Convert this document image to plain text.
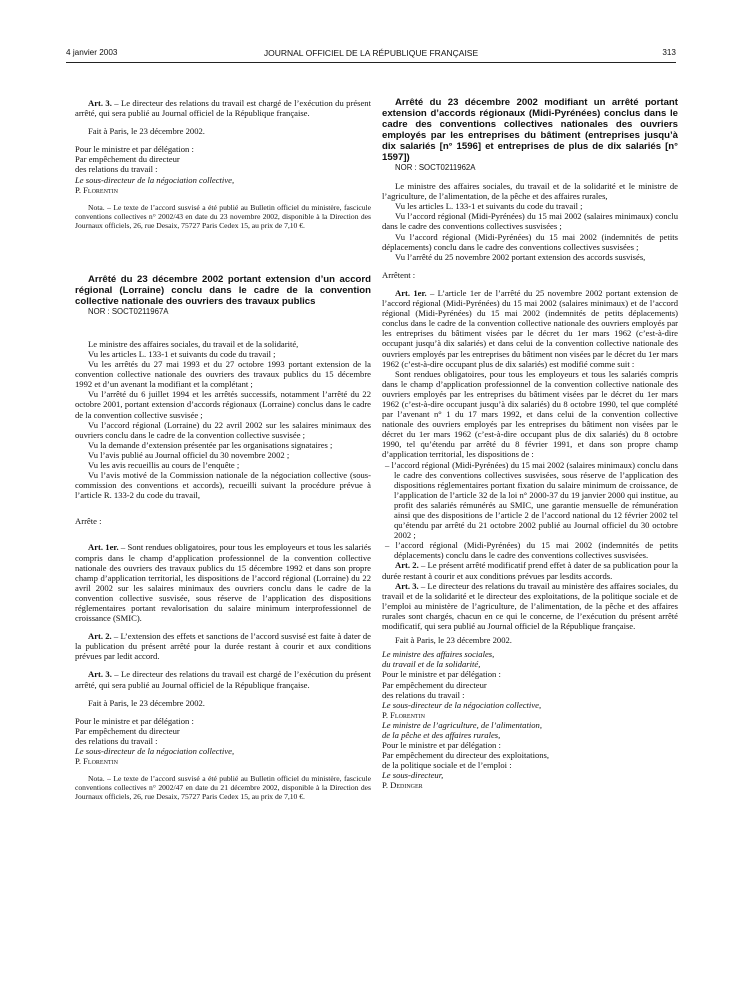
4 janvier 2003	JOURNAL OFFICIEL DE LA RÉPUBLIQUE FRANÇAISE	313

Art. 3. – Le directeur des relations du travail est chargé de l’exécution du présent arrêté, qui sera publié au Journal officiel de la République française.

Fait à Paris, le 23 décembre 2002.

Pour le ministre et par délégation :

Par empêchement du directeur

des relations du travail :

Le sous-directeur de la négociation collective,

P. Florentin

Nota. – Le texte de l’accord susvisé a été publié au Bulletin officiel du ministère, fascicule conventions collectives n° 2002/43 en date du 23 novembre 2002, disponible à la Direction des Journaux officiels, 26, rue Desaix, 75727 Paris Cedex 15, au prix de 7,10 €.

Arrêté du 23 décembre 2002 portant extension d’un accord régional (Lorraine) conclu dans le cadre de la convention collective nationale des ouvriers des travaux publics

NOR : SOCT0211967A

Le ministre des affaires sociales, du travail et de la solidarité,

Vu les articles L. 133-1 et suivants du code du travail ;

Vu les arrêtés du 27 mai 1993 et du 27 octobre 1993 portant extension de la convention collective nationale des ouvriers des travaux publics du 15 décembre 1992 et d’un avenant la modifiant et la complétant ;

Vu l’arrêté du 6 juillet 1994 et les arrêtés successifs, notamment l’arrêté du 22 octobre 2001, portant extension d’accords régionaux (Lorraine) conclus dans le cadre de la convention collective susvisée ;

Vu l’accord régional (Lorraine) du 22 avril 2002 sur les salaires minimaux des ouvriers conclu dans le cadre de la convention collective susvisée ;

Vu la demande d’extension présentée par les organisations signataires ;

Vu l’avis publié au Journal officiel du 30 novembre 2002 ;

Vu les avis recueillis au cours de l’enquête ;

Vu l’avis motivé de la Commission nationale de la négociation collective (sous-commission des conventions et accords), recueilli suivant la procédure prévue à l’article R. 133-2 du code du travail,

Arrête :

Art. 1er. – Sont rendues obligatoires, pour tous les employeurs et tous les salariés compris dans le champ d’application professionnel de la convention collective nationale des ouvriers des travaux publics du 15 décembre 1992 et dans son propre champ d’application territorial, les dispositions de l’accord régional (Lorraine) du 22 avril 2002 sur les salaires minimaux des ouvriers conclu dans le cadre de la convention collective susvisée, sous réserve de l’application des dispositions réglementaires portant revalorisation du salaire minimum interprofessionnel de croissance (SMIC).

Art. 2. – L’extension des effets et sanctions de l’accord susvisé est faite à dater de la publication du présent arrêté pour la durée restant à courir et aux conditions prévues par ledit accord.

Art. 3. – Le directeur des relations du travail est chargé de l’exécution du présent arrêté, qui sera publié au Journal officiel de la République française.

Fait à Paris, le 23 décembre 2002.

Pour le ministre et par délégation :

Par empêchement du directeur

des relations du travail :

Le sous-directeur de la négociation collective,

P. Florentin

Nota. – Le texte de l’accord susvisé a été publié au Bulletin officiel du ministère, fascicule conventions collectives n° 2002/47 en date du 21 décembre 2002, disponible à la Direction des Journaux officiels, 26, rue Desaix, 75727 Paris Cedex 15, au prix de 7,10 €.

Arrêté du 23 décembre 2002 modifiant un arrêté portant extension d’accords régionaux (Midi-Pyrénées) conclus dans le cadre des conventions collectives nationales des ouvriers employés par les entreprises du bâtiment (entreprises jusqu’à dix salariés [n° 1596] et entreprises de plus de dix salariés [n° 1597])

NOR : SOCT0211962A

Le ministre des affaires sociales, du travail et de la solidarité et le ministre de l’agriculture, de l’alimentation, de la pêche et des affaires rurales,

Vu les articles L. 133-1 et suivants du code du travail ;

Vu l’accord régional (Midi-Pyrénées) du 15 mai 2002 (salaires minimaux) conclu dans le cadre des conventions collectives susvisées ;

Vu l’accord régional (Midi-Pyrénées) du 15 mai 2002 (indemnités de petits déplacements) conclu dans le cadre des conventions collectives susvisées ;

Vu l’arrêté du 25 novembre 2002 portant extension des accords susvisés,

Arrêtent :

Art. 1er. – L’article 1er de l’arrêté du 25 novembre 2002 portant extension de l’accord régional (Midi-Pyrénées) du 15 mai 2002 (salaires minimaux) et de l’accord régional (Midi-Pyrénées) du 15 mai 2002 (indemnités de petits déplacements) conclus dans le cadre de la convention collective nationale des ouvriers employés par les entreprises du bâtiment visées par le décret du 1er mars 1962 (c’est-à-dire occupant jusqu’à dix salariés) et dans celui de la convention collective nationale des ouvriers employés par les entreprises du bâtiment non visées par le décret du 1er mars 1962 (c’est-à-dire occupant plus de dix salariés) est modifié comme suit :

Sont rendues obligatoires, pour tous les employeurs et tous les salariés compris dans le champ d’application professionnel de la convention collective nationale des ouvriers employés par les entreprises du bâtiment visées par le décret du 1er mars 1962 (c’est-à-dire occupant jusqu’à dix salariés) du 8 octobre 1990, tel que complété par l’avenant n° 1 du 17 mars 1992, et dans celui de la convention collective nationale des ouvriers employés par les entreprises du bâtiment non visées par le décret du 1er mars 1962 (c’est-à-dire occupant plus de dix salariés) du 8 octobre 1990, tel qu’étendu par arrêté du 8 février 1991, et dans son propre champ d’application territorial, les dispositions de :

– l’accord régional (Midi-Pyrénées) du 15 mai 2002 (salaires minimaux) conclu dans le cadre des conventions collectives susvisées, sous réserve de l’application des dispositions réglementaires portant fixation du salaire minimum de croissance, de l’application de l’article 32 de la loi n° 2000-37 du 19 janvier 2000 qui institue, au profit des salariés rémunérés au SMIC, une garantie mensuelle de rémunération ainsi que des dispositions de l’article 2 de l’accord national du 12 février 2002 tel qu’étendu par arrêté du 21 octobre 2002 publié au Journal officiel du 30 octobre 2002 ;

– l’accord régional (Midi-Pyrénées) du 15 mai 2002 (indemnités de petits déplacements) conclu dans le cadre des conventions collectives susvisées.

Art. 2. – Le présent arrêté modificatif prend effet à dater de sa publication pour la durée restant à courir et aux conditions prévues par lesdits accords.

Art. 3. – Le directeur des relations du travail au ministère des affaires sociales, du travail et de la solidarité et le directeur des exploitations, de la politique sociale et de l’emploi au ministère de l’agriculture, de l’alimentation, de la pêche et des affaires rurales sont chargés, chacun en ce qui le concerne, de l’exécution du présent arrêté modificatif, qui sera publié au Journal officiel de la République française.

Fait à Paris, le 23 décembre 2002.

Le ministre des affaires sociales,

du travail et de la solidarité,

Pour le ministre et par délégation :

Par empêchement du directeur

des relations du travail :

Le sous-directeur de la négociation collective,

P. Florentin

Le ministre de l’agriculture, de l’alimentation,

de la pêche et des affaires rurales,

Pour le ministre et par délégation :

Par empêchement du directeur des exploitations,

de la politique sociale et de l’emploi :

Le sous-directeur,

P. Dedinger
